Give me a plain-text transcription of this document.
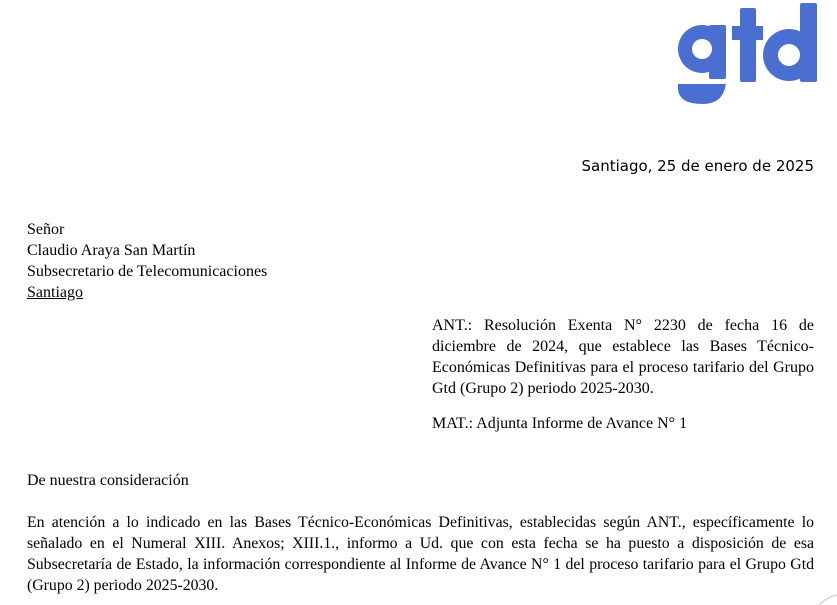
Santiago, 25 de enero de 2025
Señor
Claudio Araya San Martín
Subsecretario de Telecomunicaciones
Santiago
ANT.: Resolución Exenta N° 2230 de fecha 16 de diciembre de 2024, que establece las Bases Técnico-Económicas Definitivas para el proceso tarifario del Grupo Gtd (Grupo 2) periodo 2025-2030.
MAT.: Adjunta Informe de Avance N° 1
De nuestra consideración
En atención a lo indicado en las Bases Técnico-Económicas Definitivas, establecidas según ANT., específicamente lo señalado en el Numeral XIII. Anexos; XIII.1., informo a Ud. que con esta fecha se ha puesto a disposición de esa Subsecretaría de Estado, la información correspondiente al Informe de Avance N° 1 del proceso tarifario para el Grupo Gtd (Grupo 2) periodo 2025-2030.
